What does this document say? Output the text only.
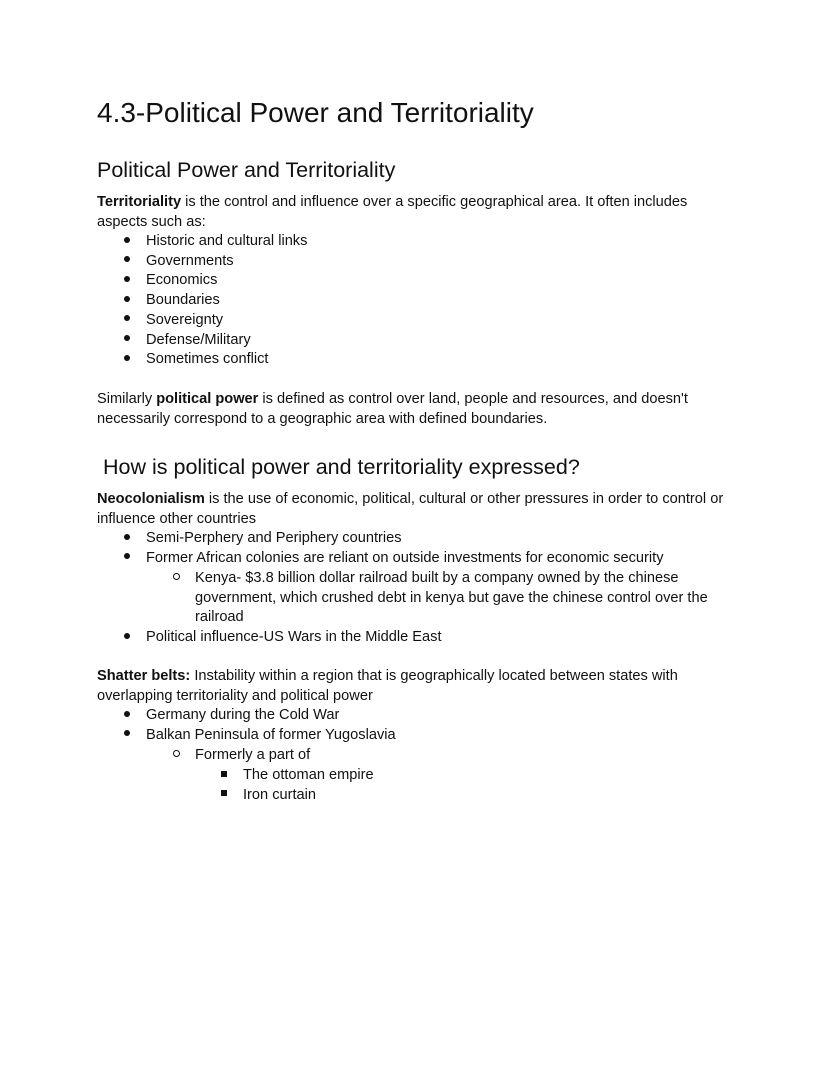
4.3-Political Power and Territoriality
Political Power and Territoriality

Territoriality is the control and influence over a specific geographical area. It often includes aspects such as:

Historic and cultural links
Governments
Economics
Boundaries
Sovereignty
Defense/Military
Sometimes conflict

Similarly political power is defined as control over land, people and resources, and doesn't necessarily correspond to a geographic area with defined boundaries.

How is political power and territoriality expressed?

Neocolonialism is the use of economic, political, cultural or other pressures in order to control or influence other countries

Semi-Perphery and Periphery countries
Former African colonies are reliant on outside investments for economic security
Kenya- $3.8 billion dollar railroad built by a company owned by the chinese government, which crushed debt in kenya but gave the chinese control over the railroad
Political influence-US Wars in the Middle East

Shatter belts: Instability within a region that is geographically located between states with overlapping territoriality and political power

Germany during the Cold War
Balkan Peninsula of former Yugoslavia
Formerly a part of
The ottoman empire
Iron curtain
